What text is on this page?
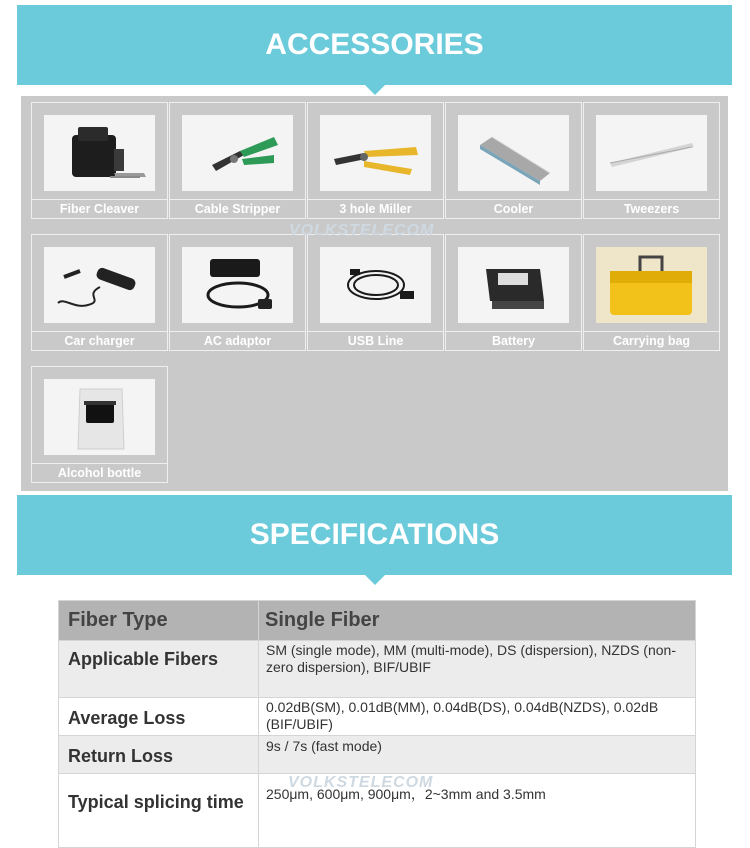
ACCESSORIES
Fiber Cleaver	Cable Stripper	3 hole Miller	Cooler	Tweezers
Car charger	AC adaptor	USB Line	Battery	Carrying bag
Alcohol bottle
VOLKSTELECOM
SPECIFICATIONS
Fiber Type	Single Fiber
Applicable Fibers	SM (single mode), MM (multi-mode), DS (dispersion), NZDS (non-zero dispersion), BIF/UBIF
Average Loss	0.02dB(SM), 0.01dB(MM), 0.04dB(DS), 0.04dB(NZDS), 0.02dB (BIF/UBIF)
Return Loss	9s / 7s (fast mode)
Typical splicing time	250μm, 600μm, 900μm，2~3mm and 3.5mm
VOLKSTELECOM
